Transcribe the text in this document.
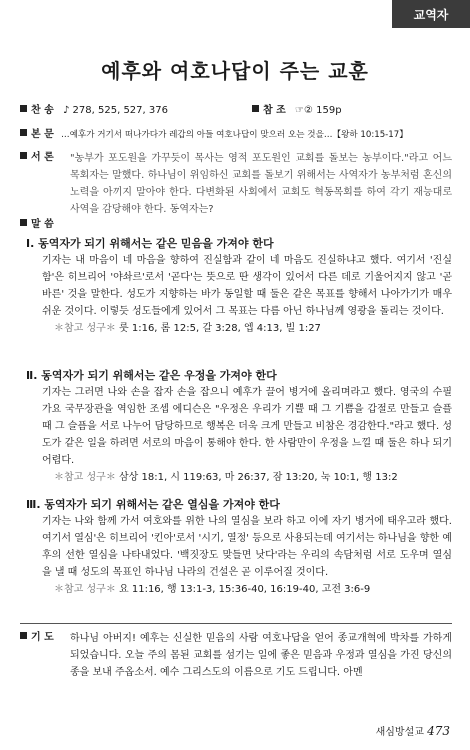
교역자
예후와 여호나답이 주는 교훈
찬 송 ♪ 278, 525, 527, 376	참 조 ☞② 159p
본 문 …예후가 거기서 떠나가다가 레갑의 아들 여호나답이 맞으러 오는 것을…【왕하 10:15-17】
서 론	"농부가 포도원을 가꾸듯이 목사는 영적 포도원인 교회를 돌보는 농부이다."라고 어느 목회자는 말했다. 하나님이 위임하신 교회를 돌보기 위해서는 사역자가 농부처럼 혼신의 노력을 아끼지 말아야 한다. 다변화된 사회에서 교회도 혁동목회를 하여 각기 재능대로 사역을 감당해야 한다. 동역자는?
말 씀
Ⅰ. 동역자가 되기 위해서는 같은 믿음을 가져야 한다

기자는 내 마음이 네 마음을 향하여 진실함과 같이 네 마음도 진실하냐고 했다. 여기서 '진실함'은 히브리어 '야솨르'로서 '곧다'는 뜻으로 딴 생각이 있어서 다른 데로 기울어지지 않고 '곧바른' 것을 말한다. 성도가 지향하는 바가 동일할 때 둘은 같은 목표를 향해서 나아가기가 매우 쉬운 것이다. 이렇듯 성도들에게 있어서 그 목표는 다름 아닌 하나님께 영광을 돌리는 것이다.

＊참고 성구＊ 룻 1:16, 롬 12:5, 갈 3:28, 엡 4:13, 빌 1:27
Ⅱ. 동역자가 되기 위해서는 같은 우정을 가져야 한다

기자는 그러면 나와 손을 잡자 손을 잡으니 예후가 끌어 병거에 올리며라고 했다. 영국의 수필가요 국무장관을 역임한 조셉 에디슨은 "우정은 우리가 기쁠 때 그 기쁨을 갑절로 만들고 슬플 때 그 슬픔을 서로 나누어 담당하므로 행복은 더욱 크게 만들고 비참은 경감한다."라고 했다. 성도가 같은 일을 하려면 서로의 마음이 통해야 한다. 한 사람만이 우정을 느낄 때 둘은 하나 되기 어렵다.

＊참고 성구＊ 삼상 18:1, 시 119:63, 마 26:37, 잠 13:20, 눅 10:1, 행 13:2
Ⅲ. 동역자가 되기 위해서는 같은 열심을 가져야 한다

기자는 나와 함께 가서 여호와를 위한 나의 열심을 보라 하고 이에 자기 병거에 태우고라 했다. 여기서 열심'은 히브리어 '킨아'로서 '시기, 열정' 등으로 사용되는데 여기서는 하나님을 향한 예후의 선한 열심을 나타내었다. '백짓장도 맞들면 낫다'라는 우리의 속담처럼 서로 도우며 열심을 낼 때 성도의 목표인 하나님 나라의 건설은 곧 이루어질 것이다.

＊참고 성구＊ 요 11:16, 행 13:1-3, 15:36-40, 16:19-40, 고전 3:6-9
기 도	하나님 아버지! 예후는 신실한 믿음의 사람 여호나답을 얻어 종교개혁에 박차를 가하게 되었습니다. 오늘 주의 몸된 교회를 섬기는 일에 좋은 믿음과 우정과 열심을 가진 당신의 종을 보내 주옵소서. 예수 그리스도의 이름으로 기도 드립니다. 아멘
새심방설교 473
